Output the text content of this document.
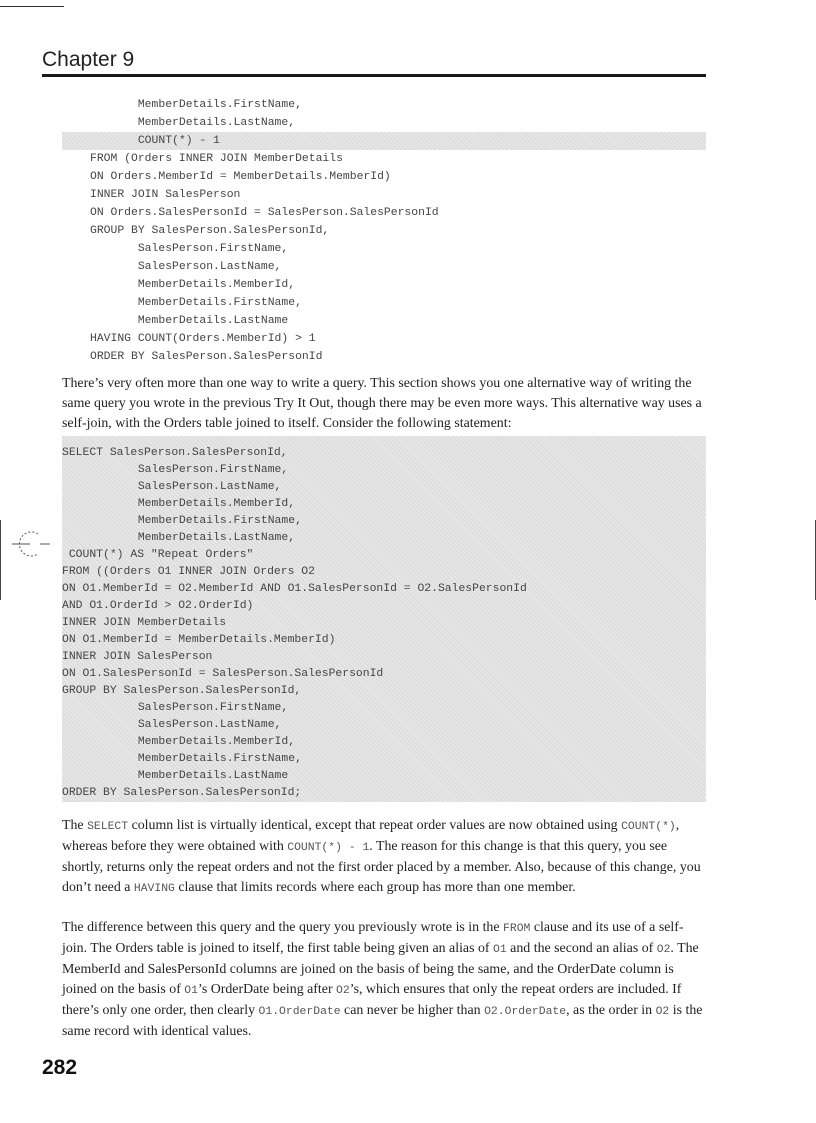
Chapter 9
MemberDetails.FirstName,
MemberDetails.LastName,
COUNT(*) - 1
FROM (Orders INNER JOIN MemberDetails
ON Orders.MemberId = MemberDetails.MemberId)
INNER JOIN SalesPerson
ON Orders.SalesPersonId = SalesPerson.SalesPersonId
GROUP BY SalesPerson.SalesPersonId,
SalesPerson.FirstName,
SalesPerson.LastName,
MemberDetails.MemberId,
MemberDetails.FirstName,
MemberDetails.LastName
HAVING COUNT(Orders.MemberId) > 1
ORDER BY SalesPerson.SalesPersonId

There’s very often more than one way to write a query. This section shows you one alternative way of writing the same query you wrote in the previous Try It Out, though there may be even more ways. This alternative way uses a self-join, with the Orders table joined to itself. Consider the following statement:

SELECT SalesPerson.SalesPersonId,
SalesPerson.FirstName,
SalesPerson.LastName,
MemberDetails.MemberId,
MemberDetails.FirstName,
MemberDetails.LastName,
COUNT(*) AS "Repeat Orders"
FROM ((Orders O1 INNER JOIN Orders O2
ON O1.MemberId = O2.MemberId AND O1.SalesPersonId = O2.SalesPersonId
AND O1.OrderId > O2.OrderId)
INNER JOIN MemberDetails
ON O1.MemberId = MemberDetails.MemberId)
INNER JOIN SalesPerson
ON O1.SalesPersonId = SalesPerson.SalesPersonId
GROUP BY SalesPerson.SalesPersonId,
SalesPerson.FirstName,
SalesPerson.LastName,
MemberDetails.MemberId,
MemberDetails.FirstName,
MemberDetails.LastName
ORDER BY SalesPerson.SalesPersonId;

The SELECT column list is virtually identical, except that repeat order values are now obtained using COUNT(*), whereas before they were obtained with COUNT(*) - 1. The reason for this change is that this query, you see shortly, returns only the repeat orders and not the first order placed by a member. Also, because of this change, you don’t need a HAVING clause that limits records where each group has more than one member.

The difference between this query and the query you previously wrote is in the FROM clause and its use of a self-join. The Orders table is joined to itself, the first table being given an alias of O1 and the second an alias of O2. The MemberId and SalesPersonId columns are joined on the basis of being the same, and the OrderDate column is joined on the basis of O1’s OrderDate being after O2’s, which ensures that only the repeat orders are included. If there’s only one order, then clearly O1.OrderDate can never be higher than O2.OrderDate, as the order in O2 is the same record with identical values.

282
